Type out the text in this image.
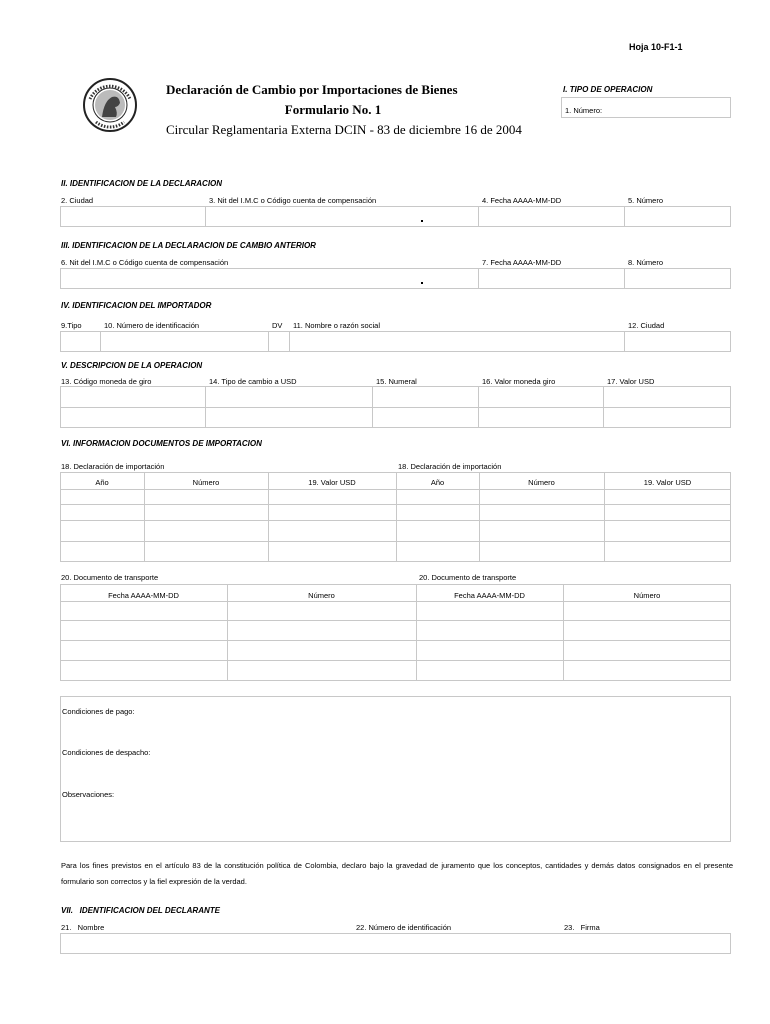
Hoja 10-F1-1
Declaración de Cambio por Importaciones de Bienes
Formulario No. 1
Circular Reglamentaria Externa DCIN - 83 de diciembre 16 de 2004
I. TIPO DE OPERACION
1. Número:
II. IDENTIFICACION DE LA DECLARACION
2. Ciudad	3. Nit del I.M.C o Código cuenta de compensación	4. Fecha AAAA-MM-DD	5. Número
III. IDENTIFICACION DE LA DECLARACION DE CAMBIO ANTERIOR
6. Nit del I.M.C o Código cuenta de compensación	7. Fecha AAAA-MM-DD	8. Número
IV. IDENTIFICACION DEL IMPORTADOR
9.Tipo	10. Número de identificación	DV 11. Nombre o razón social	12. Ciudad
V. DESCRIPCION DE LA OPERACION
13. Código moneda de giro	14. Tipo de cambio a USD	15. Numeral	16. Valor moneda giro	17. Valor USD
VI. INFORMACION DOCUMENTOS DE IMPORTACION
18. Declaración de importación	18. Declaración de importación
Año	Número	19. Valor USD	Año	Número	19. Valor USD
20. Documento de transporte	20. Documento de transporte
Fecha AAAA-MM-DD	Número	Fecha AAAA-MM-DD	Número
Condiciones de pago:
Condiciones de despacho:
Observaciones:
Para los fines previstos en el artículo 83 de la constitución política de Colombia, declaro bajo la gravedad de juramento que los conceptos, cantidades y demás datos consignados en el presente formulario son correctos y la fiel expresión de la verdad.
VII.   IDENTIFICACION DEL DECLARANTE
21.   Nombre	22. Número de identificación	23.   Firma
